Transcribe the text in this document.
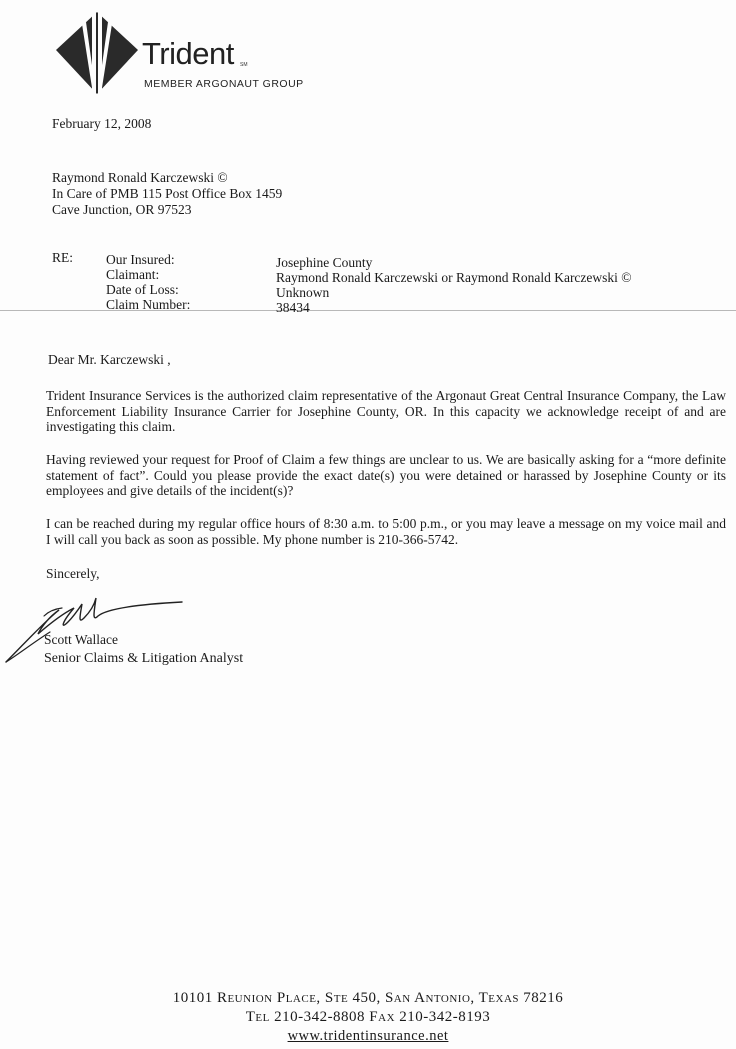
Trident SM
MEMBER ARGONAUT GROUP
February 12, 2008
Raymond Ronald Karczewski ©
In Care of PMB 115 Post Office Box 1459
Cave Junction, OR 97523
RE: Our Insured:
Claimant:
Date of Loss:
Claim Number:
Josephine County
Raymond Ronald Karczewski or Raymond Ronald Karczewski ©
Unknown
38434
Dear Mr. Karczewski ,
Trident Insurance Services is the authorized claim representative of the Argonaut Great Central Insurance Company, the Law Enforcement Liability Insurance Carrier for Josephine County, OR. In this capacity we acknowledge receipt of and are investigating this claim.
Having reviewed your request for Proof of Claim a few things are unclear to us. We are basically asking for a “more definite statement of fact”. Could you please provide the exact date(s) you were detained or harassed by Josephine County or its employees and give details of the incident(s)?
I can be reached during my regular office hours of 8:30 a.m. to 5:00 p.m., or you may leave a message on my voice mail and I will call you back as soon as possible. My phone number is 210-366-5742.
Sincerely,
Scott Wallace
Senior Claims & Litigation Analyst
10101 Reunion Place, Ste 450, San Antonio, Texas 78216
Tel 210-342-8808 Fax 210-342-8193
www.tridentinsurance.net
